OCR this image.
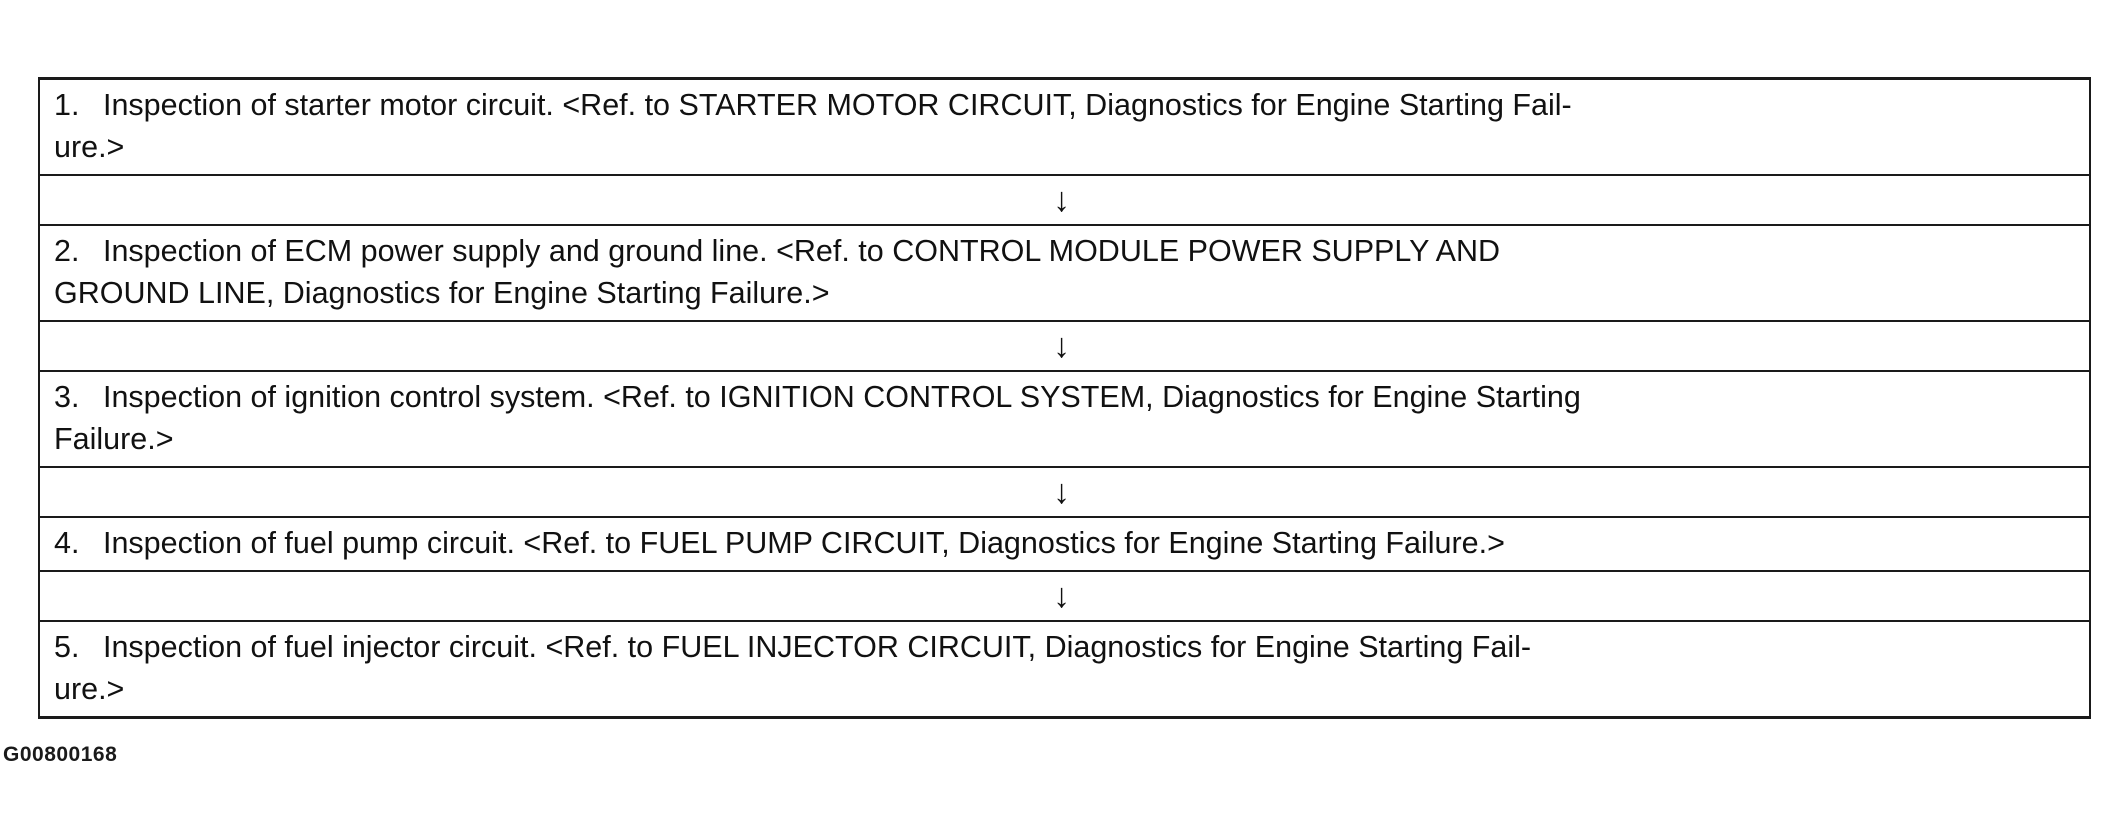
1. Inspection of starter motor circuit. <Ref. to STARTER MOTOR CIRCUIT, Diagnostics for Engine Starting Fail-
ure.>

↓

2. Inspection of ECM power supply and ground line. <Ref. to CONTROL MODULE POWER SUPPLY AND
GROUND LINE, Diagnostics for Engine Starting Failure.>

↓

3. Inspection of ignition control system. <Ref. to IGNITION CONTROL SYSTEM, Diagnostics for Engine Starting
Failure.>

↓

4. Inspection of fuel pump circuit. <Ref. to FUEL PUMP CIRCUIT, Diagnostics for Engine Starting Failure.>

↓

5. Inspection of fuel injector circuit. <Ref. to FUEL INJECTOR CIRCUIT, Diagnostics for Engine Starting Fail-
ure.>
G00800168
